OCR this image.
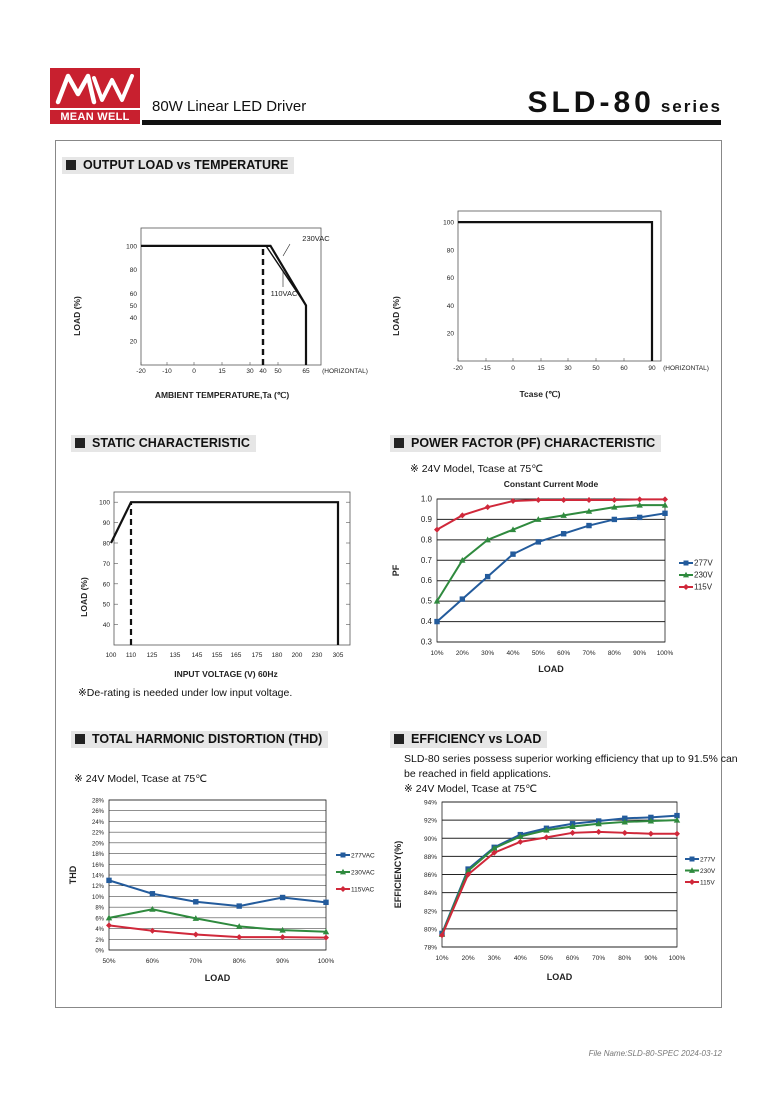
MEAN WELL
80W Linear LED Driver	SLD-80 series
OUTPUT LOAD vs TEMPERATURE
STATIC CHARACTERISTIC	POWER FACTOR (PF) CHARACTERISTIC
TOTAL HARMONIC DISTORTION (THD)	EFFICIENCY vs LOAD
※De-rating is needed under low input voltage.
※ 24V Model, Tcase at 75℃
※ 24V Model, Tcase at 75℃
SLD-80 series possess superior working efficiency that up to 91.5% can
be reached in field applications.
※ 24V Model, Tcase at 75℃
-20	-10	0	15	30 40 50	65
20
40
50
60
80
100
(HORIZONTAL)
AMBIENT TEMPERATURE,Ta (℃)
LOAD (%)
230VAC
110VAC
-20	-15	0	15	30	50	60	90
20
40
60
80
100
(HORIZONTAL)
Tcase (℃)
LOAD (%)
100 110 125 135 145 155 165 175 180 200 230 305
40
50
60
70
80
90
100
INPUT VOLTAGE (V) 60Hz
LOAD (%)
0.3
0.4
0.5
0.6
0.7
0.8
0.9
1.0
10% 20% 30% 40% 50% 60% 70% 80% 90% 100%
LOAD
PF
277V
230V
115V
Constant Current Mode
0%
2%
4%
6%
8%
10%
12%
14%
16%
18%
20%
22%
24%
26%
28%
50%	60%	70%	80%	90%	100%
LOAD
THD
277VAC
230VAC
115VAC
78%
80%
82%
84%
86%
88%
90%
92%
94%
10% 20% 30% 40% 50% 60% 70% 80% 90% 100%
LOAD
EFFICIENCY(%)	277V
230V
115V
File Name:SLD-80-SPEC 2024-03-12
